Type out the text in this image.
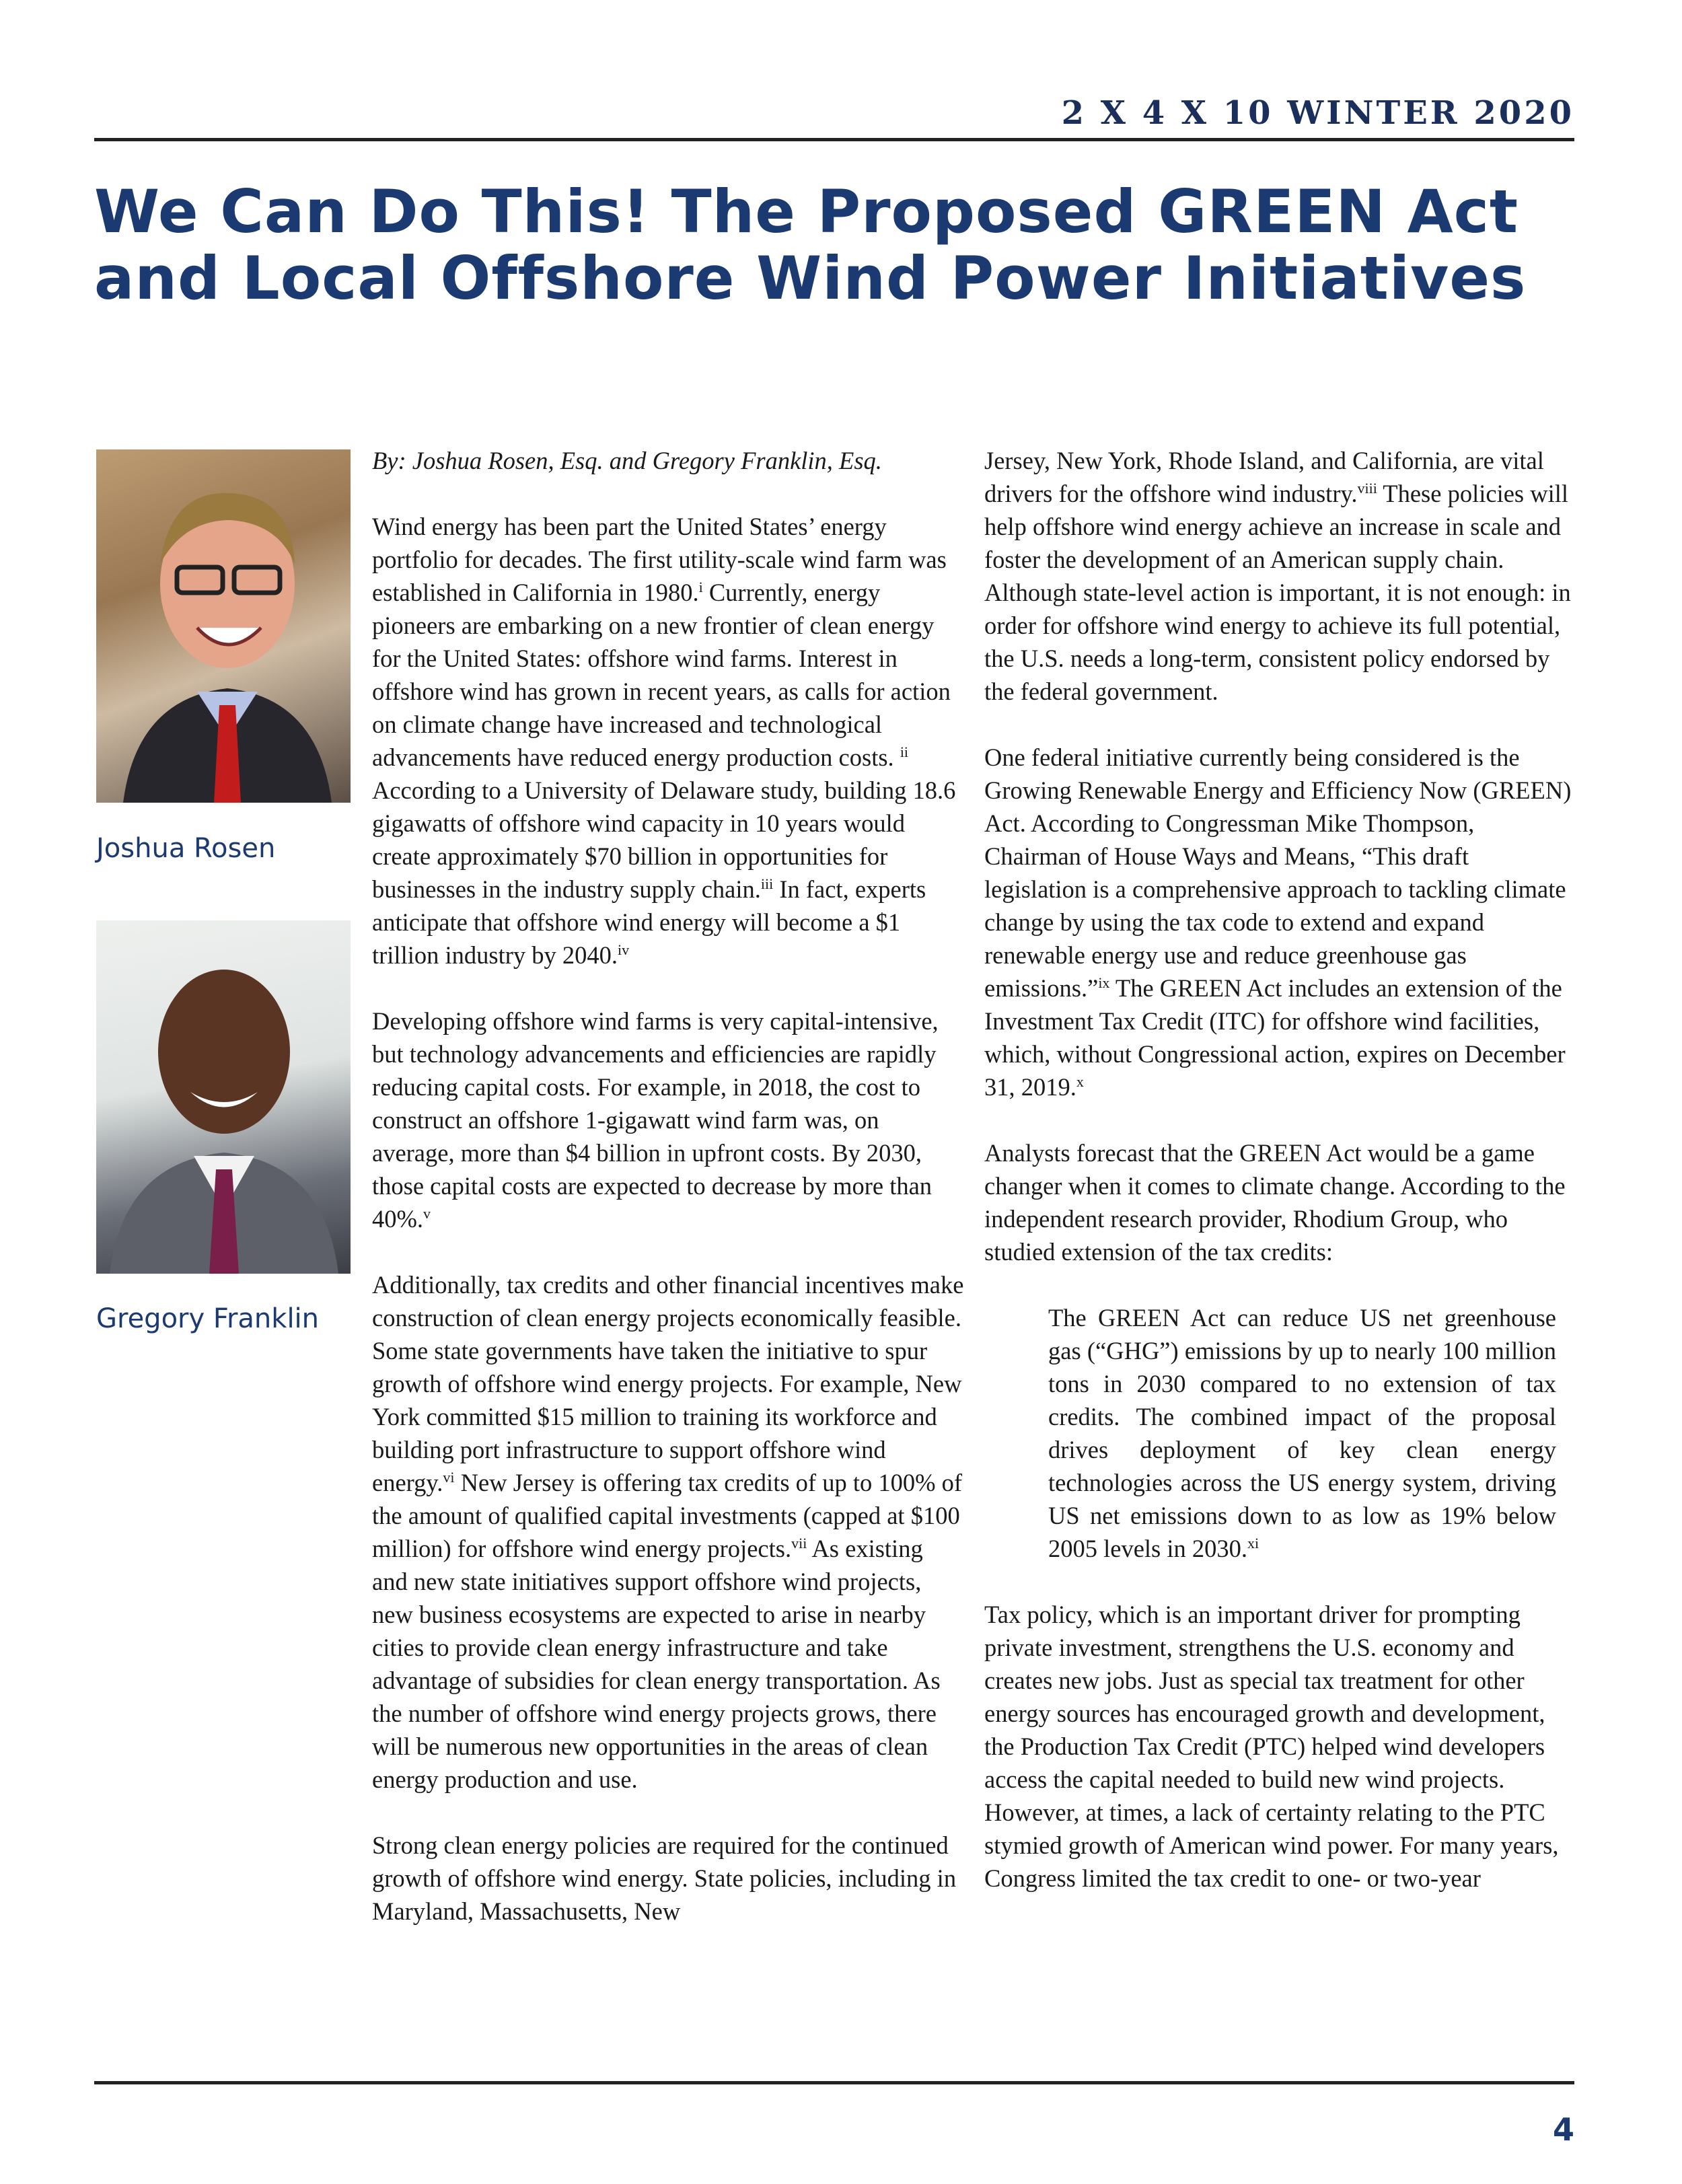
2 X 4 X 10 WINTER 2020
We Can Do This! The Proposed GREEN Act and Local Offshore Wind Power Initiatives
Joshua Rosen
Gregory Franklin

By: Joshua Rosen, Esq. and Gregory Franklin, Esq.

Wind energy has been part the United States’ energy portfolio for decades. The first utility-scale wind farm was established in California in 1980.$^i$ Currently, energy pioneers are embarking on a new frontier of clean energy for the United States: offshore wind farms. Interest in offshore wind has grown in recent years, as calls for action on climate change have increased and technological advancements have reduced energy production costs. $^{ii}$ According to a University of Delaware study, building 18.6 gigawatts of offshore wind capacity in 10 years would create approximately $70 billion in opportunities for businesses in the industry supply chain.$^{iii}$ In fact, experts anticipate that offshore wind energy will become a $1 trillion industry by 2040.$^{iv}$

Developing offshore wind farms is very capital-intensive, but technology advancements and efficiencies are rapidly reducing capital costs. For example, in 2018, the cost to construct an offshore 1-gigawatt wind farm was, on average, more than $4 billion in upfront costs. By 2030, those capital costs are expected to decrease by more than 40%.$^v$

Additionally, tax credits and other financial incentives make construction of clean energy projects economically feasible. Some state governments have taken the initiative to spur growth of offshore wind energy projects. For example, New York committed $15 million to training its workforce and building port infrastructure to support offshore wind energy.$^{vi}$ New Jersey is offering tax credits of up to 100% of the amount of qualified capital investments (capped at $100 million) for offshore wind energy projects.$^{vii}$ As existing and new state initiatives support offshore wind projects, new business ecosystems are expected to arise in nearby cities to provide clean energy infrastructure and take advantage of subsidies for clean energy transportation. As the number of offshore wind energy projects grows, there will be numerous new opportunities in the areas of clean energy production and use.

Strong clean energy policies are required for the continued growth of offshore wind energy. State policies, including in Maryland, Massachusetts, New

Jersey, New York, Rhode Island, and California, are vital drivers for the offshore wind industry.$^{viii}$ These policies will help offshore wind energy achieve an increase in scale and foster the development of an American supply chain. Although state-level action is important, it is not enough: in order for offshore wind energy to achieve its full potential, the U.S. needs a long-term, consistent policy endorsed by the federal government.

One federal initiative currently being considered is the Growing Renewable Energy and Efficiency Now (GREEN) Act. According to Congressman Mike Thompson, Chairman of House Ways and Means, “This draft legislation is a comprehensive approach to tackling climate change by using the tax code to extend and expand renewable energy use and reduce greenhouse gas emissions.”$^{ix}$ The GREEN Act includes an extension of the Investment Tax Credit (ITC) for offshore wind facilities, which, without Congressional action, expires on December 31, 2019.$^x$

Analysts forecast that the GREEN Act would be a game changer when it comes to climate change. According to the independent research provider, Rhodium Group, who studied extension of the tax credits:

The GREEN Act can reduce US net greenhouse gas (“GHG”) emissions by up to nearly 100 million tons in 2030 compared to no extension of tax credits. The combined impact of the proposal drives deployment of key clean energy technologies across the US energy system, driving US net emissions down to as low as 19% below 2005 levels in 2030.$^{xi}$

Tax policy, which is an important driver for prompting private investment, strengthens the U.S. economy and creates new jobs. Just as special tax treatment for other energy sources has encouraged growth and development, the Production Tax Credit (PTC) helped wind developers access the capital needed to build new wind projects. However, at times, a lack of certainty relating to the PTC stymied growth of American wind power. For many years, Congress limited the tax credit to one- or two-year

4
